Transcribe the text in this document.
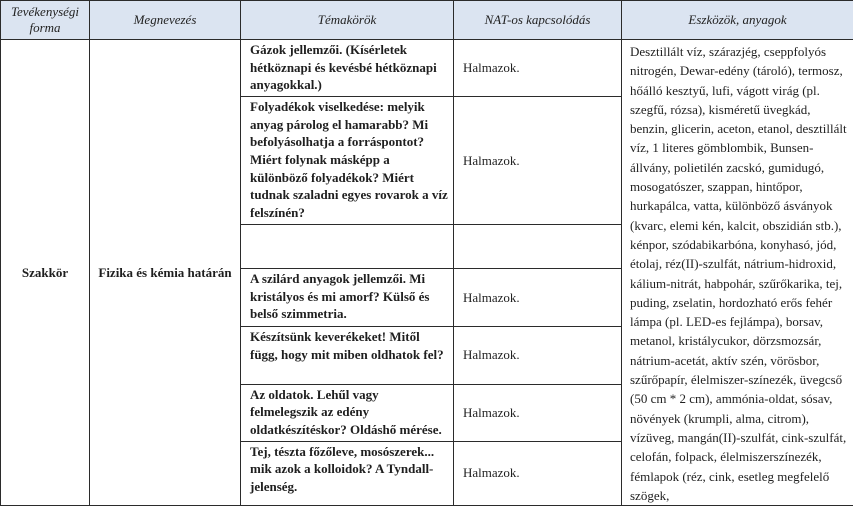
Tevékenységi forma	Megnevezés	Témakörök	NAT-os kapcsolódás	Eszközök, anyagok
Szakkör	Fizika és kémia határán	Gázok jellemzői. (Kísérletek hétköznapi és kevésbé hétköznapi anyagokkal.)	Halmazok.	Desztillált víz, szárazjég, cseppfolyós nitrogén, Dewar-edény (tároló), termosz, hőálló kesztyű, lufi, vágott virág (pl. szegfű, rózsa), kisméretű üvegkád, benzin, glicerin, aceton, etanol, desztillált víz, 1 literes gömblombik, Bunsen-állvány, polietilén zacskó, gumidugó, mosogatószer, szappan, hintőpor, hurkapálca, vatta, különböző ásványok (kvarc, elemi kén, kalcit, obszidián stb.), kénpor, szódabikarbóna, konyhasó, jód, étolaj, réz(II)-szulfát, nátrium-hidroxid, kálium-nitrát, habpohár, szűrőkarika, tej, puding, zselatin, hordozható erős fehér lámpa (pl. LED-es fejlámpa), borsav, metanol, kristálycukor, dörzsmozsár, nátrium-acetát, aktív szén, vörösbor, szűrőpapír, élelmiszer-színezék, üvegcső (50 cm * 2 cm), ammónia-oldat, sósav, növények (krumpli, alma, citrom), vízüveg, mangán(II)-szulfát, cink-szulfát, celofán, folpack, élelmiszerszínezék, fémlapok (réz, cink, esetleg megfelelő szögek,
		Folyadékok viselkedése: melyik anyag párolog el hamarabb? Mi befolyásolhatja a forráspontot? Miért folynak másképp a különböző folyadékok? Miért tudnak szaladni egyes rovarok a víz felszínén?	Halmazok.	

		A szilárd anyagok jellemzői. Mi kristályos és mi amorf? Külső és belső szimmetria.	Halmazok.	
		Készítsünk keverékeket! Mitől függ, hogy mit miben oldhatok fel?	Halmazok.	
		Az oldatok. Lehűl vagy felmelegszik az edény oldatkészítéskor? Oldáshő mérése.	Halmazok.	
		Tej, tészta főzőleve, mosószerek... mik azok a kolloidok? A Tyndall-jelenség.	Halmazok.	
